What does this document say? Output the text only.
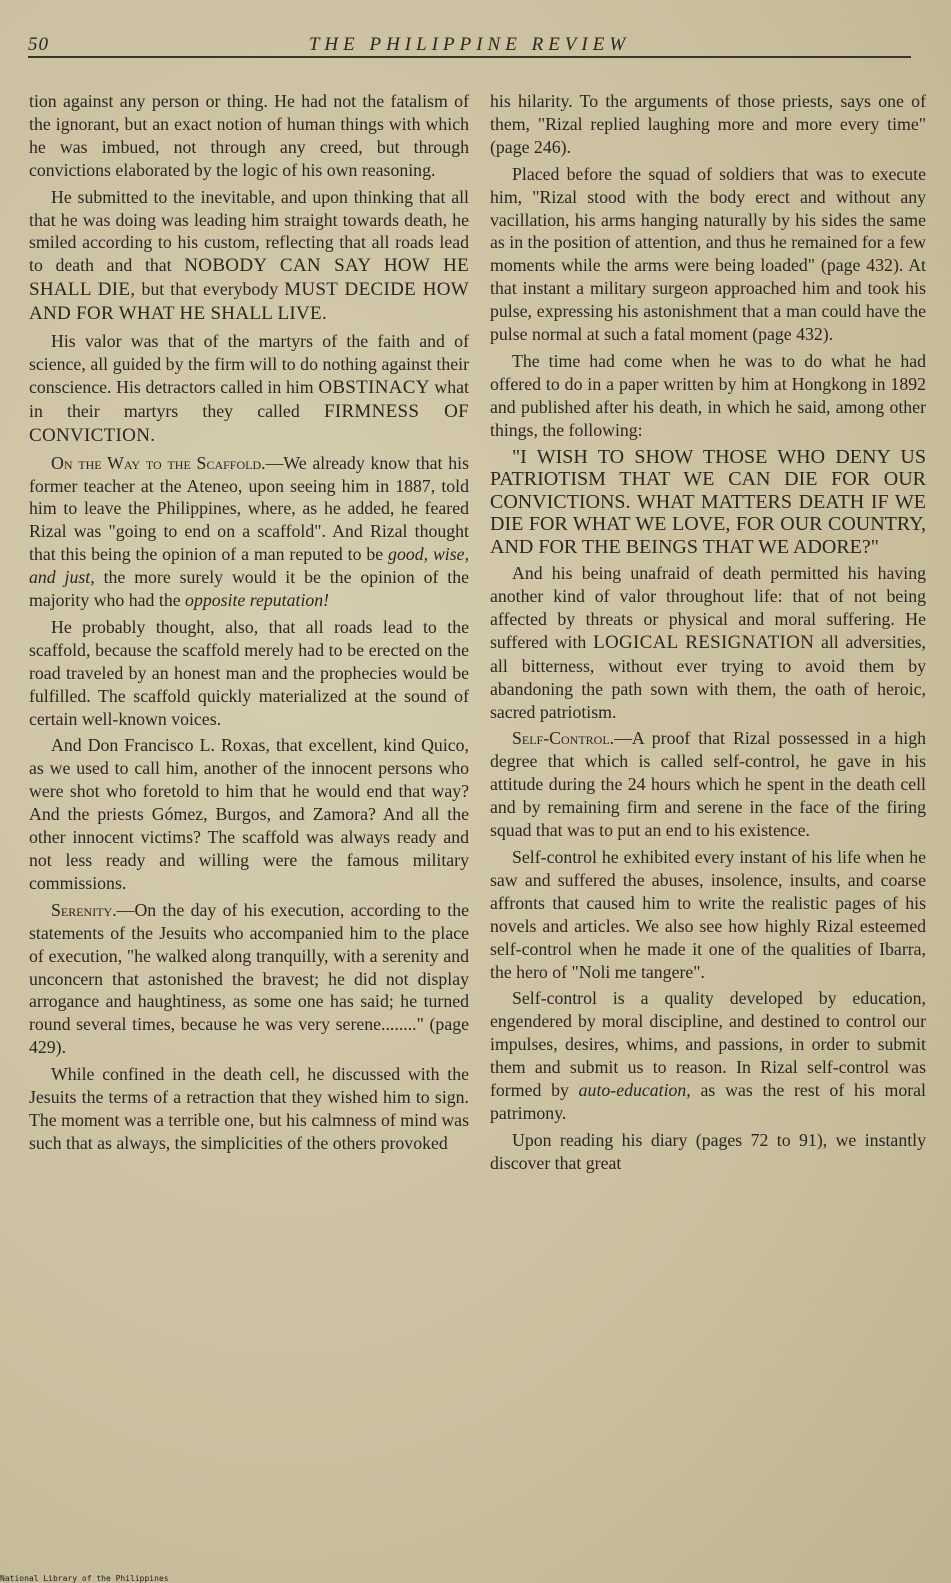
50	THE PHILIPPINE REVIEW

tion against any person or thing. He had not the fatalism of the ignorant, but an exact notion of human things with which he was imbued, not through any creed, but through convictions elaborated by the logic of his own reasoning.

He submitted to the inevitable, and upon thinking that all that he was doing was leading him straight towards death, he smiled according to his custom, reflecting that all roads lead to death and that NOBODY CAN SAY HOW HE SHALL DIE, but that everybody MUST DECIDE HOW AND FOR WHAT HE SHALL LIVE.

His valor was that of the martyrs of the faith and of science, all guided by the firm will to do nothing against their conscience. His detractors called in him OBSTINACY what in their martyrs they called FIRMNESS OF CONVICTION.

On the Way to the Scaffold.—We already know that his former teacher at the Ateneo, upon seeing him in 1887, told him to leave the Philippines, where, as he added, he feared Rizal was "going to end on a scaffold". And Rizal thought that this being the opinion of a man reputed to be good, wise, and just, the more surely would it be the opinion of the majority who had the opposite reputation!

He probably thought, also, that all roads lead to the scaffold, because the scaffold merely had to be erected on the road traveled by an honest man and the prophecies would be fulfilled. The scaffold quickly materialized at the sound of certain well-known voices.

And Don Francisco L. Roxas, that excellent, kind Quico, as we used to call him, another of the innocent persons who were shot who foretold to him that he would end that way? And the priests Gómez, Burgos, and Zamora? And all the other innocent victims? The scaffold was always ready and not less ready and willing were the famous military commissions.

Serenity.—On the day of his execution, according to the statements of the Jesuits who accompanied him to the place of execution, "he walked along tranquilly, with a serenity and unconcern that astonished the bravest; he did not display arrogance and haughtiness, as some one has said; he turned round several times, because he was very serene........" (page 429).

While confined in the death cell, he discussed with the Jesuits the terms of a retraction that they wished him to sign. The moment was a terrible one, but his calmness of mind was such that as always, the simplicities of the others provoked

his hilarity. To the arguments of those priests, says one of them, "Rizal replied laughing more and more every time" (page 246).

Placed before the squad of soldiers that was to execute him, "Rizal stood with the body erect and without any vacillation, his arms hanging naturally by his sides the same as in the position of attention, and thus he remained for a few moments while the arms were being loaded" (page 432). At that instant a military surgeon approached him and took his pulse, expressing his astonishment that a man could have the pulse normal at such a fatal moment (page 432).

The time had come when he was to do what he had offered to do in a paper written by him at Hongkong in 1892 and published after his death, in which he said, among other things, the following:

"I WISH TO SHOW THOSE WHO DENY US PATRIOTISM THAT WE CAN DIE FOR OUR CONVICTIONS. WHAT MATTERS DEATH IF WE DIE FOR WHAT WE LOVE, FOR OUR COUNTRY, AND FOR THE BEINGS THAT WE ADORE?"

And his being unafraid of death permitted his having another kind of valor throughout life: that of not being affected by threats or physical and moral suffering. He suffered with LOGICAL RESIGNATION all adversities, all bitterness, without ever trying to avoid them by abandoning the path sown with them, the oath of heroic, sacred patriotism.

Self-Control.—A proof that Rizal possessed in a high degree that which is called self-control, he gave in his attitude during the 24 hours which he spent in the death cell and by remaining firm and serene in the face of the firing squad that was to put an end to his existence.

Self-control he exhibited every instant of his life when he saw and suffered the abuses, insolence, insults, and coarse affronts that caused him to write the realistic pages of his novels and articles. We also see how highly Rizal esteemed self-control when he made it one of the qualities of Ibarra, the hero of "Noli me tangere".

Self-control is a quality developed by education, engendered by moral discipline, and destined to control our impulses, desires, whims, and passions, in order to submit them and submit us to reason. In Rizal self-control was formed by auto-education, as was the rest of his moral patrimony.

Upon reading his diary (pages 72 to 91), we instantly discover that great

National Library of the Philippines
